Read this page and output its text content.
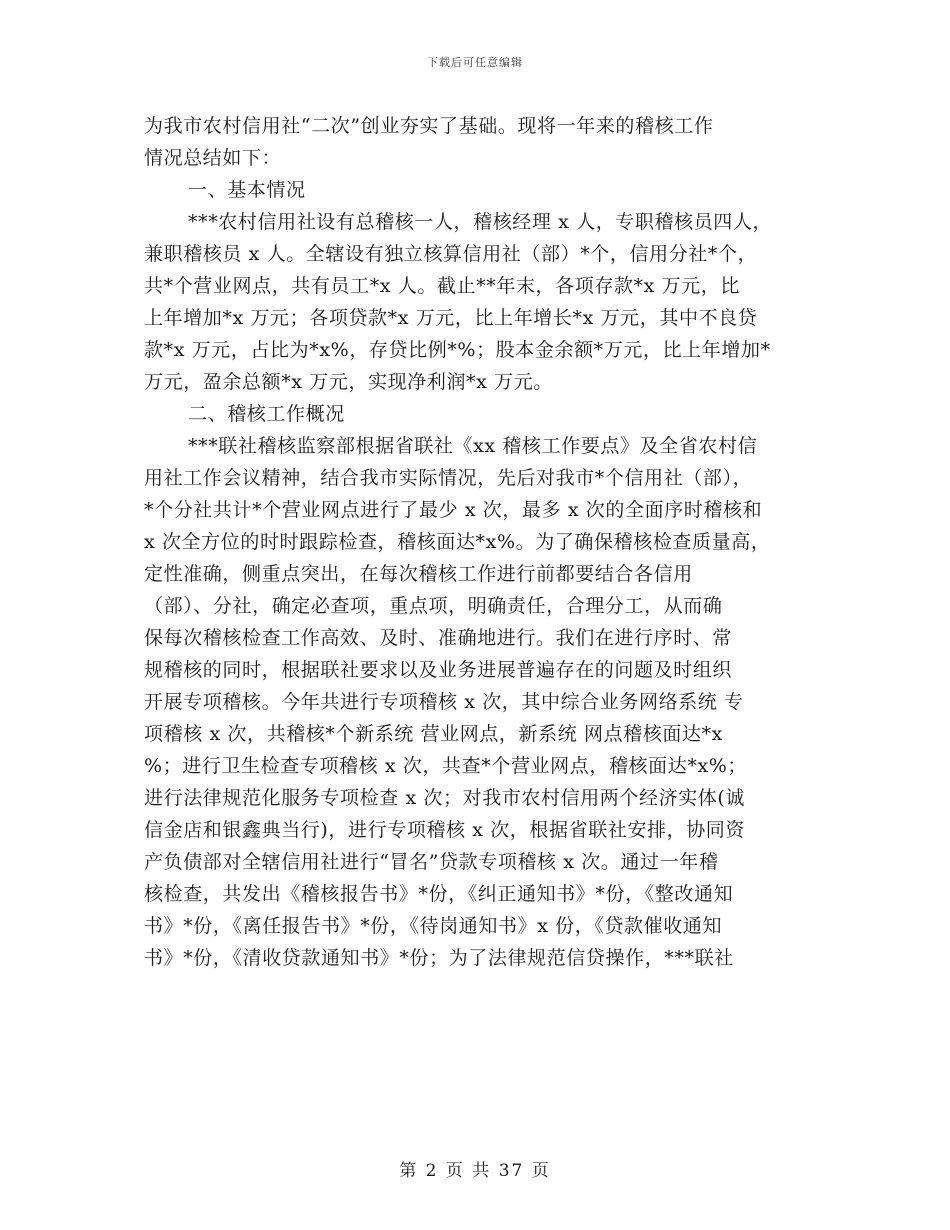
下载后可任意编辑
为我市农村信用社“二次”创业夯实了基础。现将一年来的稽核工作
情况总结如下：
一、基本情况
***农村信用社设有总稽核一人，稽核经理 x 人，专职稽核员四人，
兼职稽核员 x 人。全辖设有独立核算信用社（部）*个，信用分社*个，
共*个营业网点，共有员工*x 人。截止**年末，各项存款*x 万元，比
上年增加*x 万元；各项贷款*x 万元，比上年增长*x 万元，其中不良贷
款*x 万元，占比为*x%，存贷比例*%；股本金余额*万元，比上年增加*
万元，盈余总额*x 万元，实现净利润*x 万元。
二、稽核工作概况
***联社稽核监察部根据省联社《xx 稽核工作要点》及全省农村信
用社工作会议精神，结合我市实际情况，先后对我市*个信用社（部），
*个分社共计*个营业网点进行了最少 x 次，最多 x 次的全面序时稽核和
x 次全方位的时时跟踪检查，稽核面达*x%。为了确保稽核检查质量高，
定性准确，侧重点突出，在每次稽核工作进行前都要结合各信用
（部）、分社，确定必查项，重点项，明确责任，合理分工，从而确
保每次稽核检查工作高效、及时、准确地进行。我们在进行序时、常
规稽核的同时，根据联社要求以及业务进展普遍存在的问题及时组织
开展专项稽核。今年共进行专项稽核 x 次，其中综合业务网络系统 专
项稽核 x 次，共稽核*个新系统 营业网点，新系统 网点稽核面达*x
%；进行卫生检查专项稽核 x 次，共查*个营业网点，稽核面达*x%；
进行法律规范化服务专项检查 x 次；对我市农村信用两个经济实体(诚
信金店和银鑫典当行)，进行专项稽核 x 次，根据省联社安排，协同资
产负债部对全辖信用社进行“冒名”贷款专项稽核 x 次。通过一年稽
核检查，共发出《稽核报告书》*份，《纠正通知书》*份，《整改通知
书》*份，《离任报告书》*份，《待岗通知书》x 份，《贷款催收通知
书》*份，《清收贷款通知书》*份；为了法律规范信贷操作，***联社
第 2 页 共 37 页
